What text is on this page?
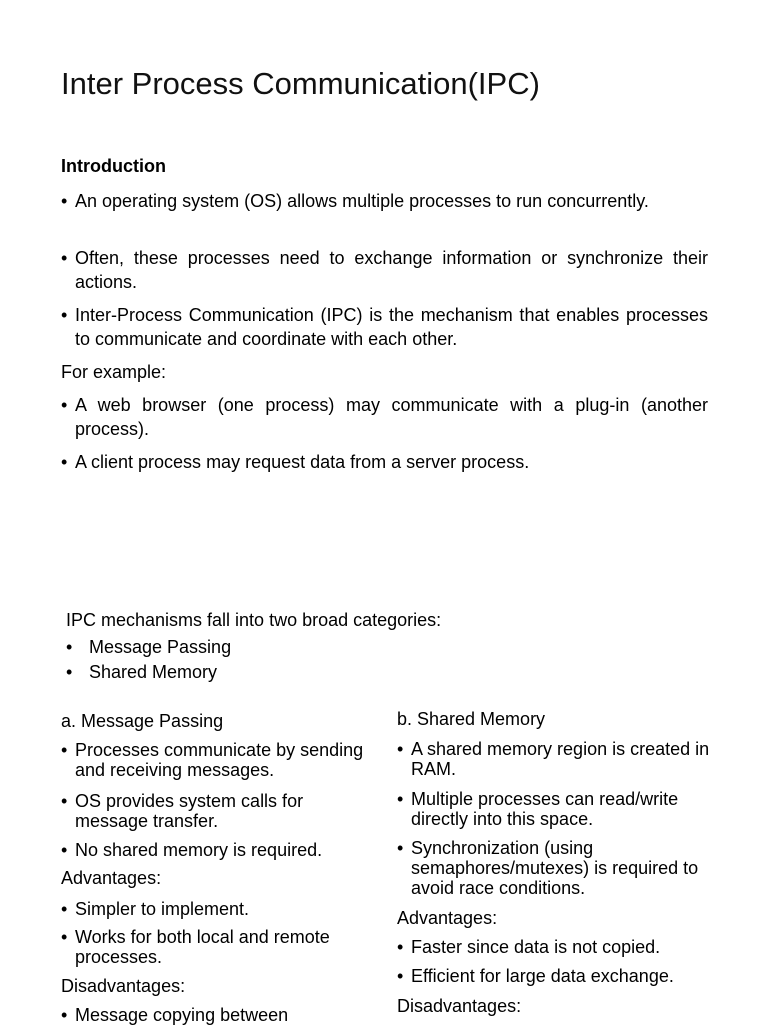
Inter Process Communication(IPC)
Introduction
• An operating system (OS) allows multiple processes to run concurrently.
• Often, these processes need to exchange information or synchronize their actions.
• Inter-Process Communication (IPC) is the mechanism that enables processes to communicate and coordinate with each other.
For example:
• A web browser (one process) may communicate with a plug-in (another process).
• A client process may request data from a server process.
IPC mechanisms fall into two broad categories:
• Message Passing
• Shared Memory
a. Message Passing
• Processes communicate by sending and receiving messages.
• OS provides system calls for message transfer.
• No shared memory is required.
Advantages:
• Simpler to implement.
• Works for both local and remote processes.
Disadvantages:
• Message copying between
b. Shared Memory
• A shared memory region is created in RAM.
• Multiple processes can read/write directly into this space.
• Synchronization (using semaphores/mutexes) is required to avoid race conditions.
Advantages:
• Faster since data is not copied.
• Efficient for large data exchange.
Disadvantages:
